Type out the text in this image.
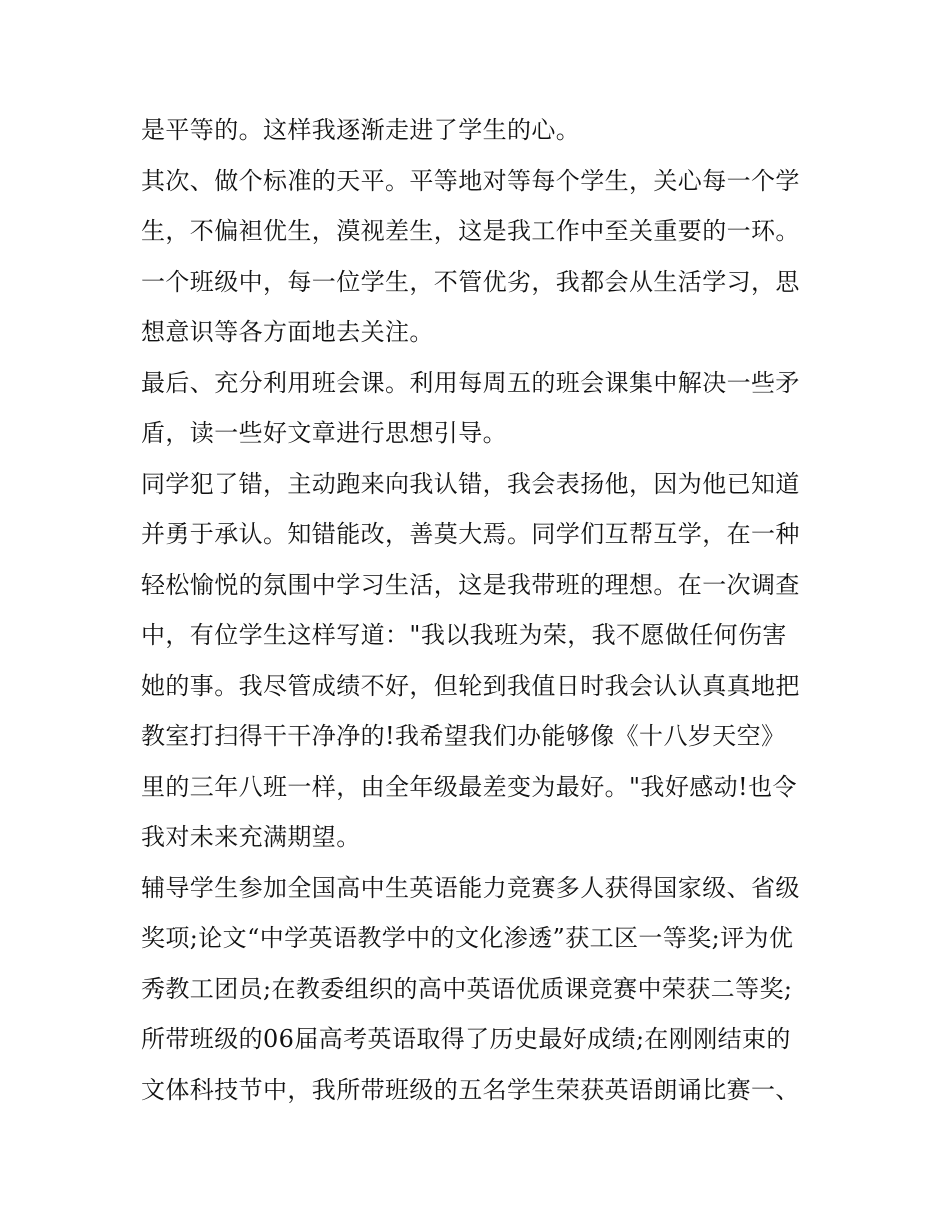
是平等的。这样我逐渐走进了学生的心。
其次、做个标准的天平。平等地对等每个学生，关心每一个学
生，不偏袒优生，漠视差生，这是我工作中至关重要的一环。
一个班级中，每一位学生，不管优劣，我都会从生活学习，思
想意识等各方面地去关注。
最后、充分利用班会课。利用每周五的班会课集中解决一些矛
盾，读一些好文章进行思想引导。
同学犯了错，主动跑来向我认错，我会表扬他，因为他已知道
并勇于承认。知错能改，善莫大焉。同学们互帮互学，在一种
轻松愉悦的氛围中学习生活，这是我带班的理想。在一次调查
中，有位学生这样写道："我以我班为荣，我不愿做任何伤害
她的事。我尽管成绩不好，但轮到我值日时我会认认真真地把
教室打扫得干干净净的!我希望我们办能够像《十八岁天空》
里的三年八班一样，由全年级最差变为最好。"我好感动!也令
我对未来充满期望。
辅导学生参加全国高中生英语能力竞赛多人获得国家级、省级
奖项;论文“中学英语教学中的文化渗透”获工区一等奖;评为优
秀教工团员;在教委组织的高中英语优质课竞赛中荣获二等奖;
所带班级的06届高考英语取得了历史最好成绩;在刚刚结束的
文体科技节中，我所带班级的五名学生荣获英语朗诵比赛一、
